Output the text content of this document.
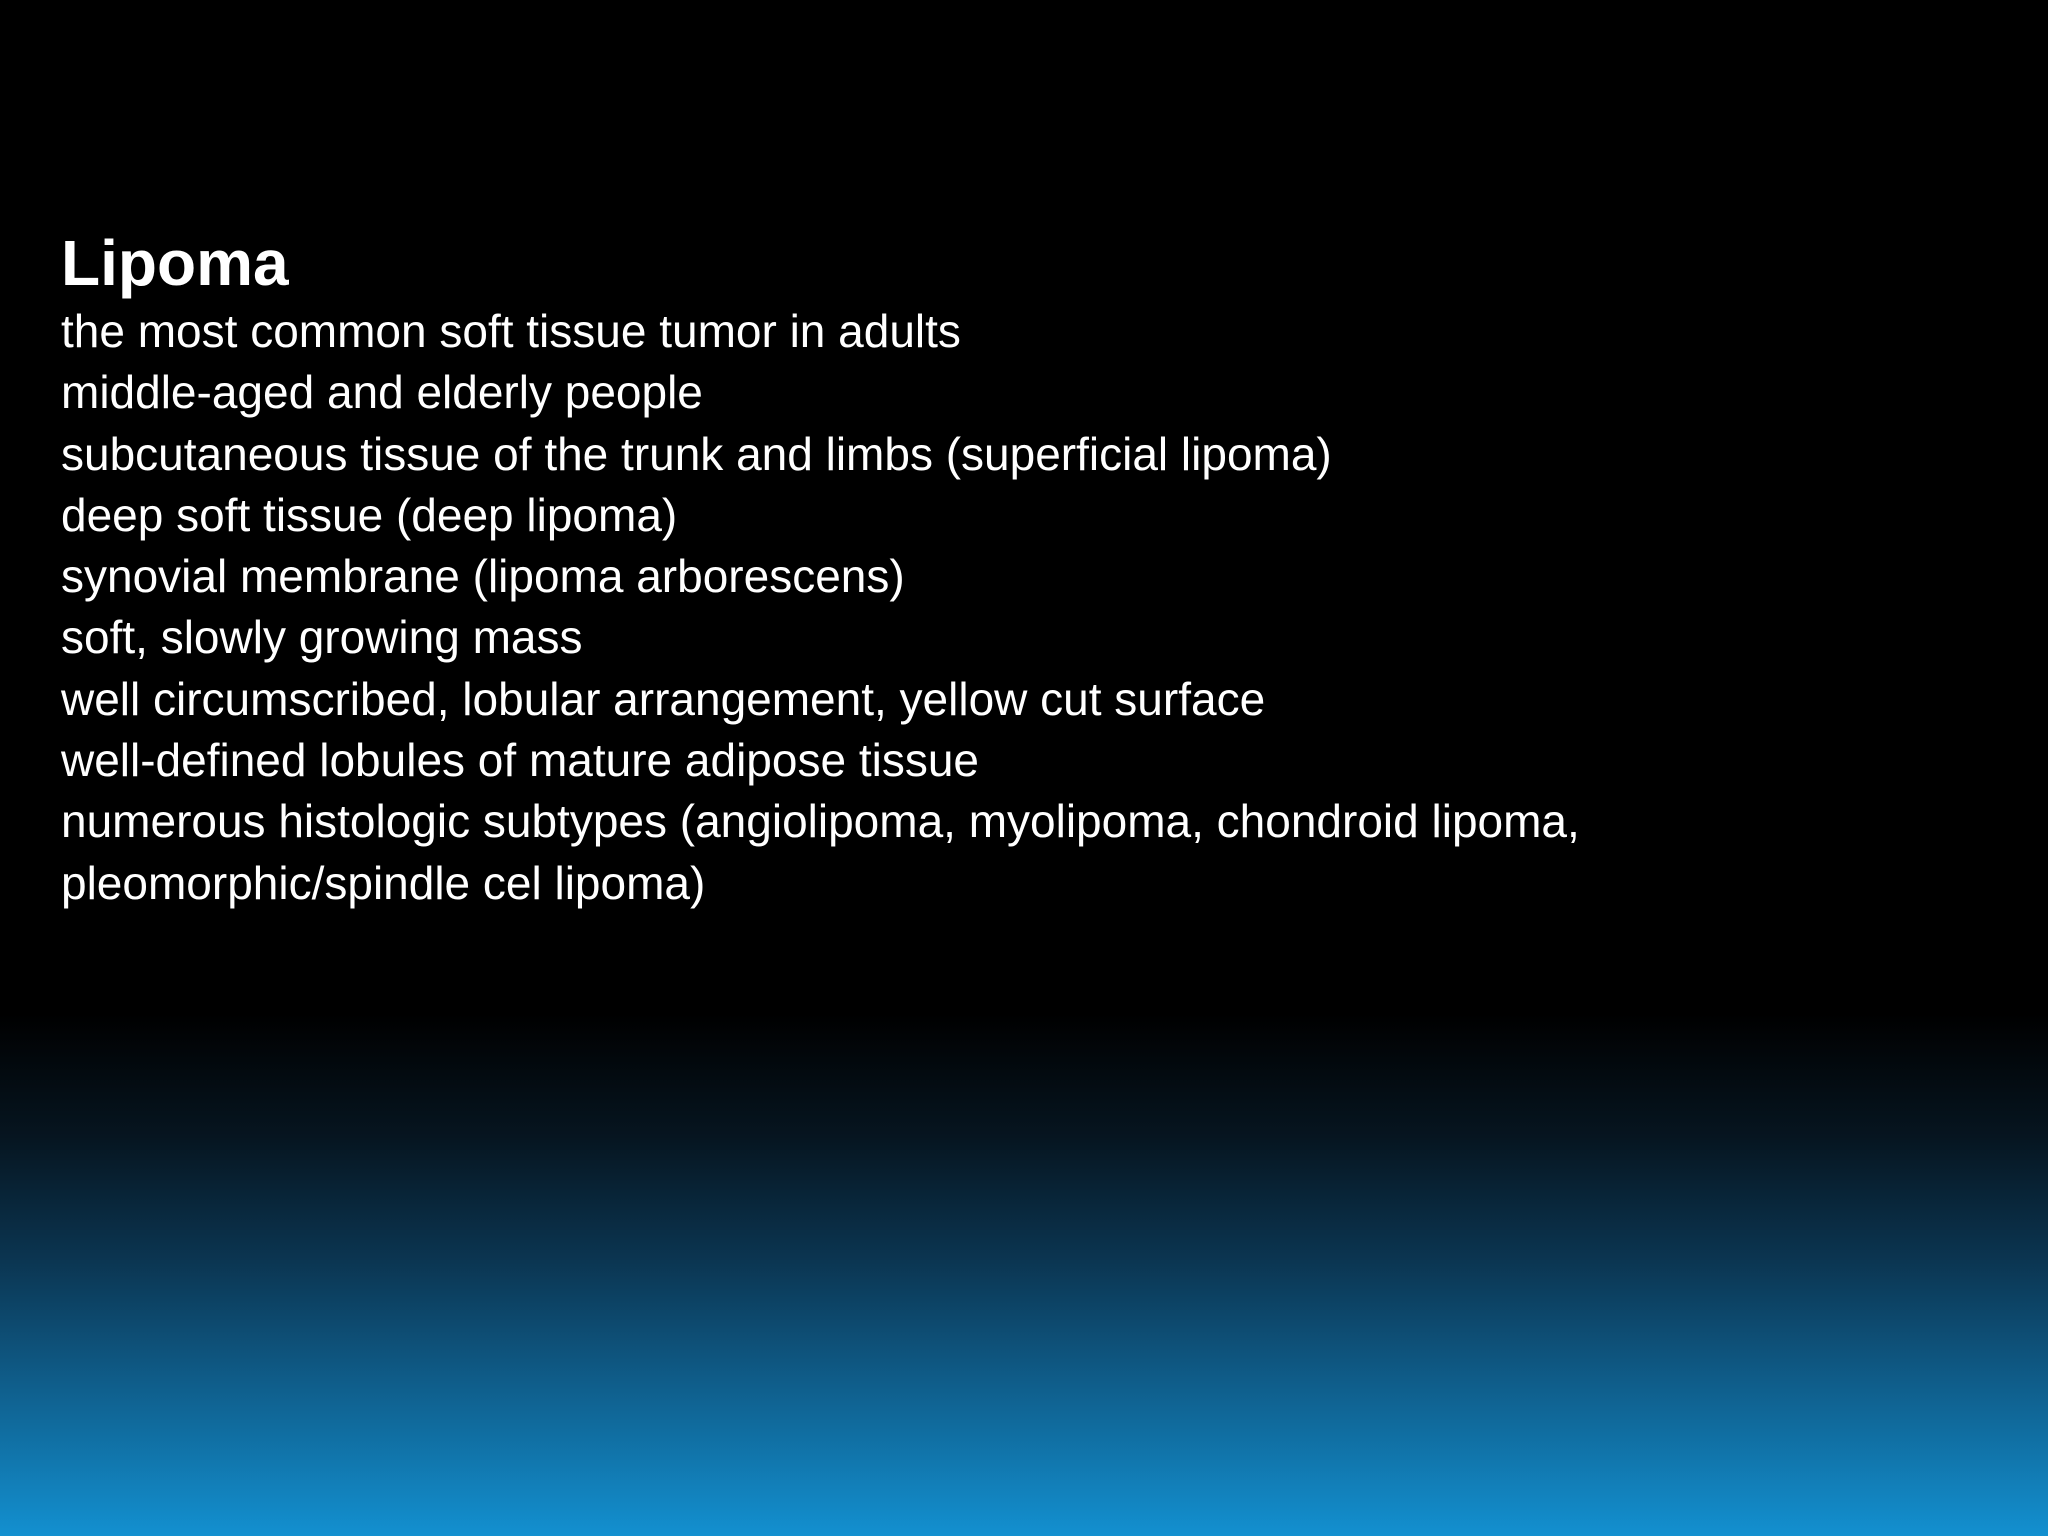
Lipoma
the most common soft tissue tumor in adults
middle-aged and elderly people
subcutaneous tissue of the trunk and limbs (superficial lipoma)
deep soft tissue (deep lipoma)
synovial membrane (lipoma arborescens)
soft, slowly growing mass
well circumscribed, lobular arrangement, yellow cut surface
well-defined lobules of mature adipose tissue
numerous histologic subtypes (angiolipoma, myolipoma, chondroid lipoma,
pleomorphic/spindle cel lipoma)
